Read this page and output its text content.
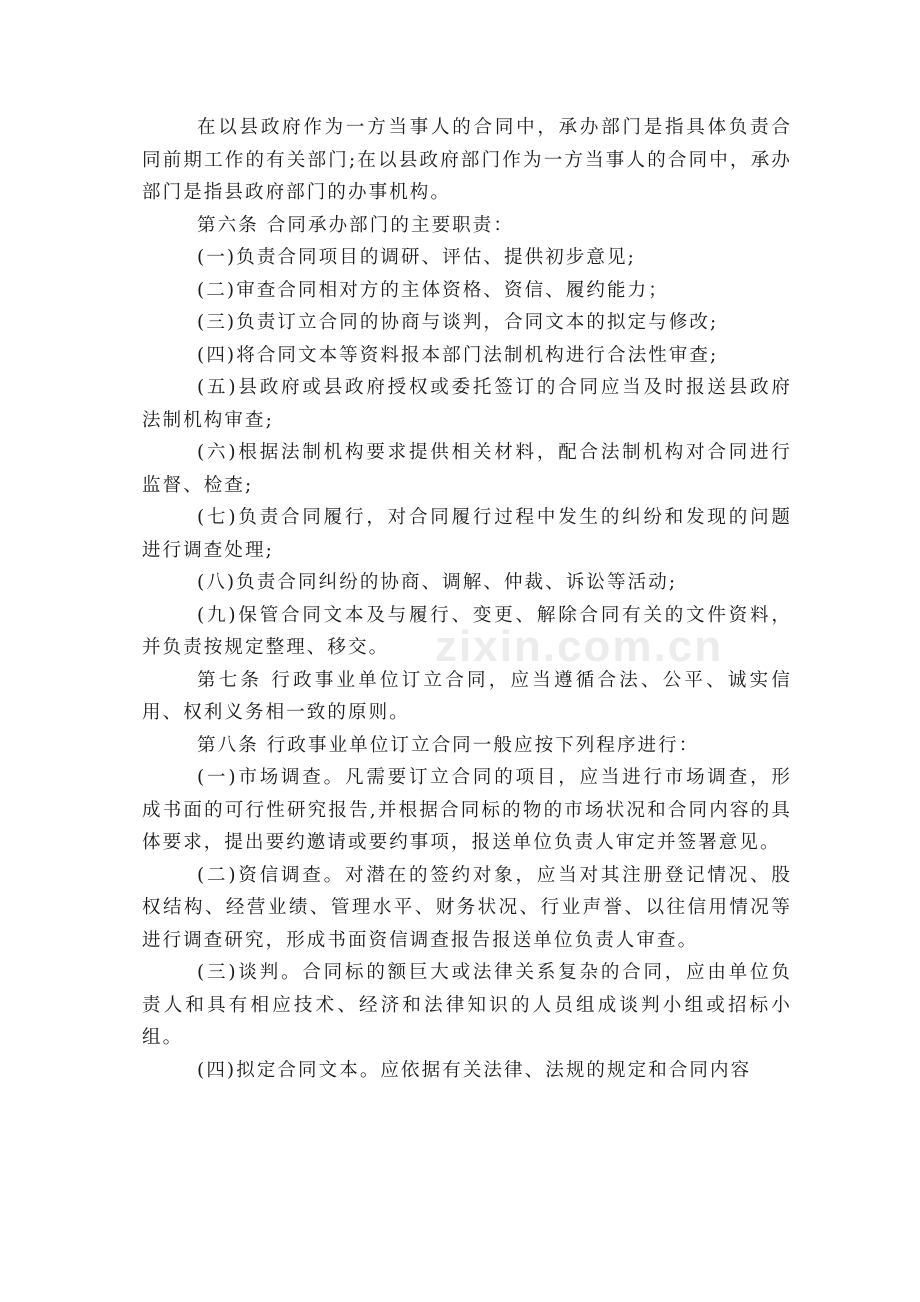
在以县政府作为一方当事人的合同中，承办部门是指具体负责合同前期工作的有关部门;在以县政府部门作为一方当事人的合同中，承办部门是指县政府部门的办事机构。

第六条 合同承办部门的主要职责：

(一)负责合同项目的调研、评估、提供初步意见;

(二)审查合同相对方的主体资格、资信、履约能力；

(三)负责订立合同的协商与谈判，合同文本的拟定与修改;

(四)将合同文本等资料报本部门法制机构进行合法性审查;

(五)县政府或县政府授权或委托签订的合同应当及时报送县政府法制机构审查;

(六)根据法制机构要求提供相关材料，配合法制机构对合同进行监督、检查;

(七)负责合同履行，对合同履行过程中发生的纠纷和发现的问题进行调查处理;

(八)负责合同纠纷的协商、调解、仲裁、诉讼等活动;

(九)保管合同文本及与履行、变更、解除合同有关的文件资料，并负责按规定整理、移交。

第七条 行政事业单位订立合同，应当遵循合法、公平、诚实信用、权利义务相一致的原则。

第八条 行政事业单位订立合同一般应按下列程序进行：

(一)市场调查。凡需要订立合同的项目，应当进行市场调查，形成书面的可行性研究报告,并根据合同标的物的市场状况和合同内容的具体要求，提出要约邀请或要约事项，报送单位负责人审定并签署意见。

(二)资信调查。对潜在的签约对象，应当对其注册登记情况、股权结构、经营业绩、管理水平、财务状况、行业声誉、以往信用情况等进行调查研究，形成书面资信调查报告报送单位负责人审查。

(三)谈判。合同标的额巨大或法律关系复杂的合同，应由单位负责人和具有相应技术、经济和法律知识的人员组成谈判小组或招标小组。

(四)拟定合同文本。应依据有关法律、法规的规定和合同内容

zixin.com.cn
